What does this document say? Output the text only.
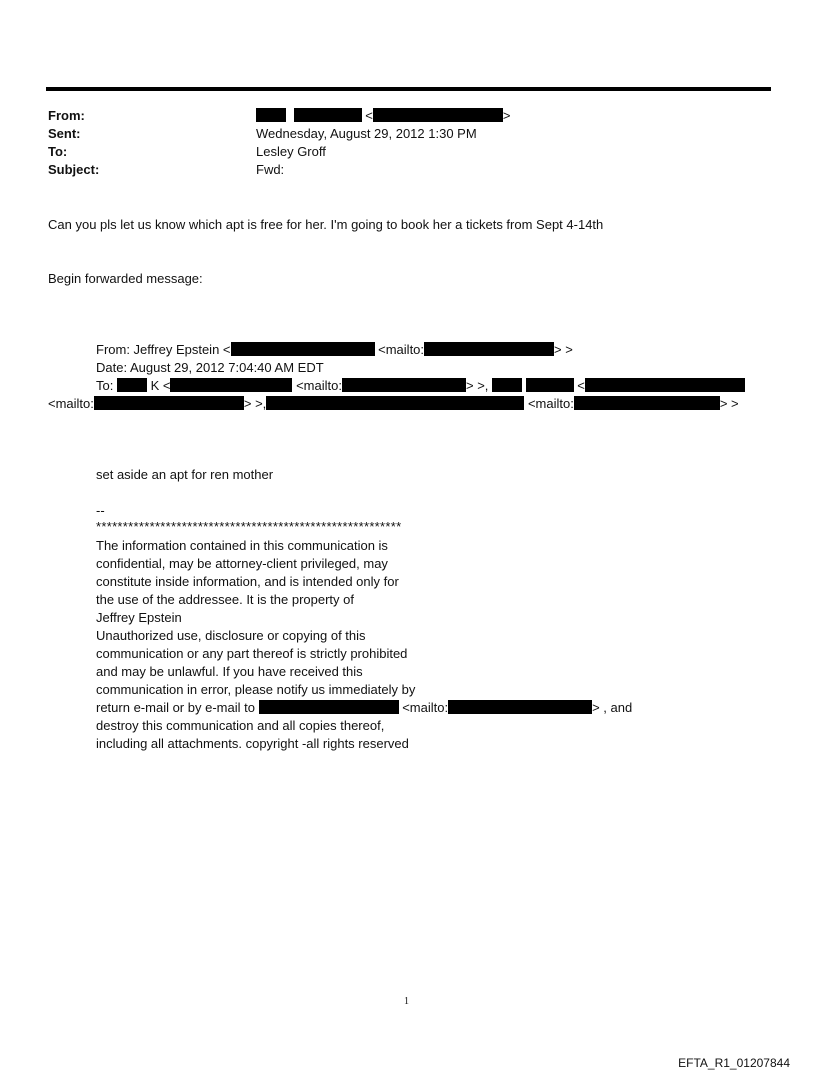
From:	<	>
Sent:	Wednesday, August 29, 2012 1:30 PM
To:	Lesley Groff
Subject:	Fwd:
Can you pls let us know which apt is free for her. I'm going to book her a tickets from Sept 4-14th
Begin forwarded message:
From: Jeffrey Epstein <	<mailto:	> >
Date: August 29, 2012 7:04:40 AM EDT
To:	K <	<mailto:	> >,	<
<mailto:	> >,	<mailto:	> >
set aside an apt for ren mother
--
*********************************************************
The information contained in this communication is
confidential, may be attorney-client privileged, may
constitute inside information, and is intended only for
the use of the addressee. It is the property of
Jeffrey Epstein
Unauthorized use, disclosure or copying of this
communication or any part thereof is strictly prohibited
and may be unlawful. If you have received this
communication in error, please notify us immediately by
return e-mail or by e-mail to	<mailto:	> , and
destroy this communication and all copies thereof,
including all attachments. copyright -all rights reserved
1
EFTA_R1_01207844
